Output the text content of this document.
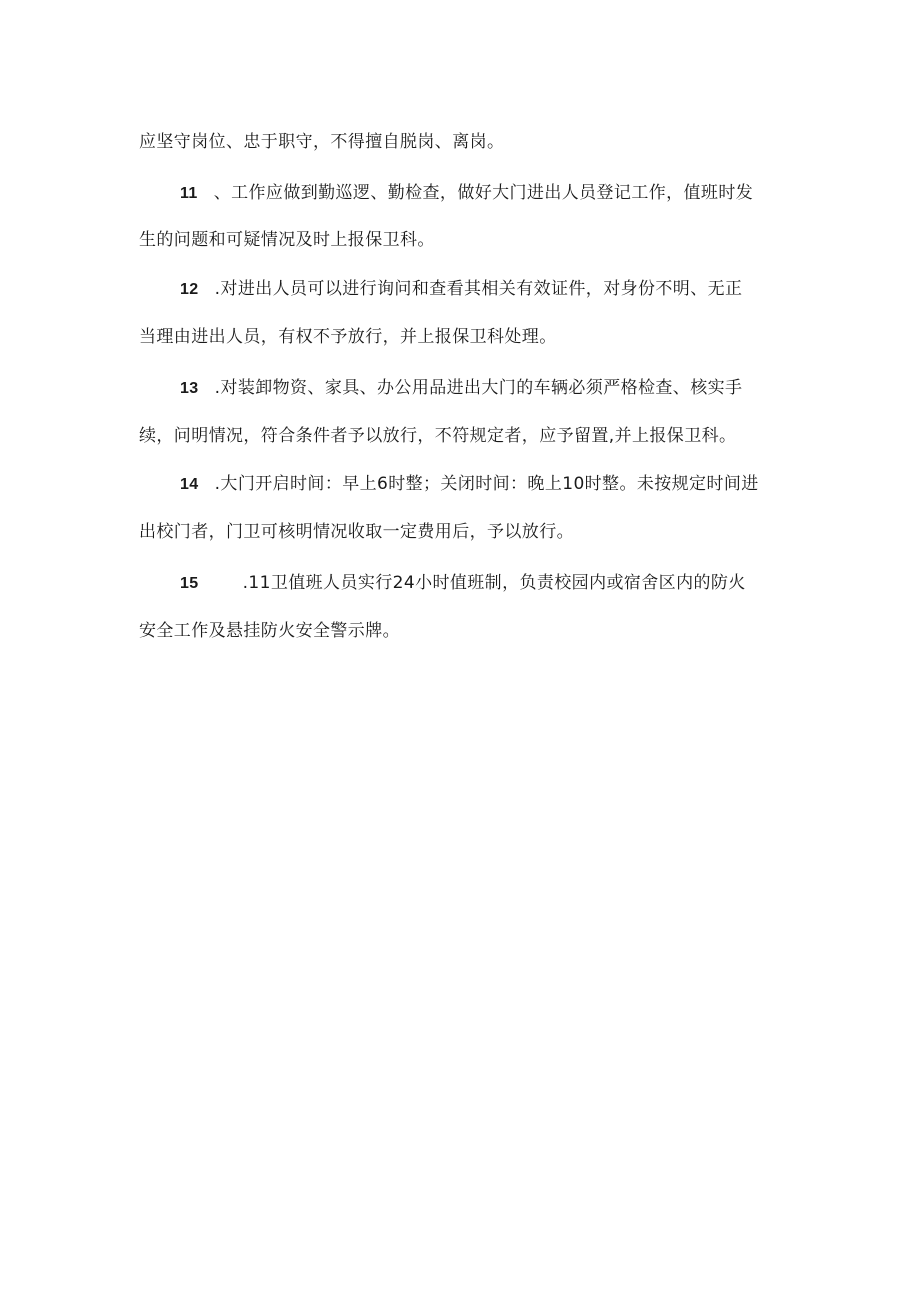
应坚守岗位、忠于职守，不得擅自脱岗、离岗。
11 、工作应做到勤巡逻、勤检查，做好大门进出人员登记工作，值班时发
生的问题和可疑情况及时上报保卫科。
12 .对进出人员可以进行询问和查看其相关有效证件，对身份不明、无正
当理由进出人员，有权不予放行，并上报保卫科处理。
13 .对装卸物资、家具、办公用品进出大门的车辆必须严格检查、核实手
续，问明情况，符合条件者予以放行，不符规定者，应予留置,并上报保卫科。
14 .大门开启时间：早上6时整；关闭时间：晚上10时整。未按规定时间进
出校门者，门卫可核明情况收取一定费用后，予以放行。
15	.11卫值班人员实行24小时值班制，负责校园内或宿舍区内的防火
安全工作及悬挂防火安全警示牌。
